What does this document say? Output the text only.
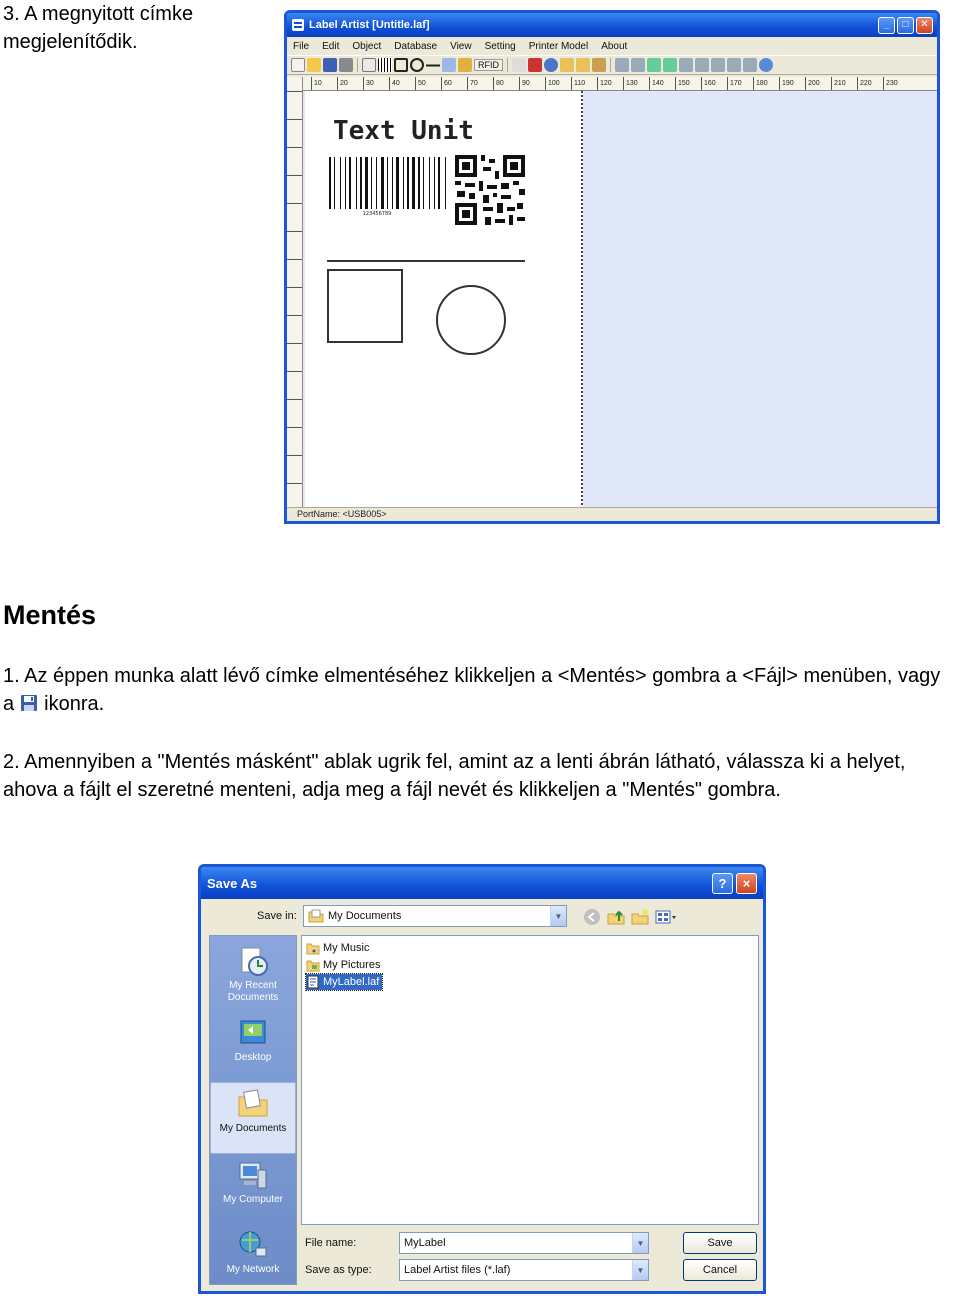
3. A megnyitott címke megjelenítődik.
Label Artist [Untitle.laf]	_ □ ✕
File Edit Object Database View Setting Printer Model About
RFID
10	20	30	40	50	60	70	80	90	100	110	120	130	140	150	160	170	180	190	200	210	220	230
Text Unit
123456789
PortName: <USB005>
Mentés
1. Az éppen munka alatt lévő címke elmentéséhez klikkeljen a <Mentés> gombra a <Fájl> menüben, vagy a ikonra.
2. Amennyiben a "Mentés másként" ablak ugrik fel, amint az a lenti ábrán látható, válassza ki a helyet, ahova a fájlt el szeretné menteni, adja meg a fájl nevét és klikkeljen a "Mentés" gombra.
Save As	?	×
Save in:	My Documents	▼
My Recent Documents
Desktop
My Documents
My Computer
My Network
My Music
My Pictures
MyLabel.laf
File name:	MyLabel	▼	Save
Save as type:	Label Artist files (*.laf)	▼	Cancel
